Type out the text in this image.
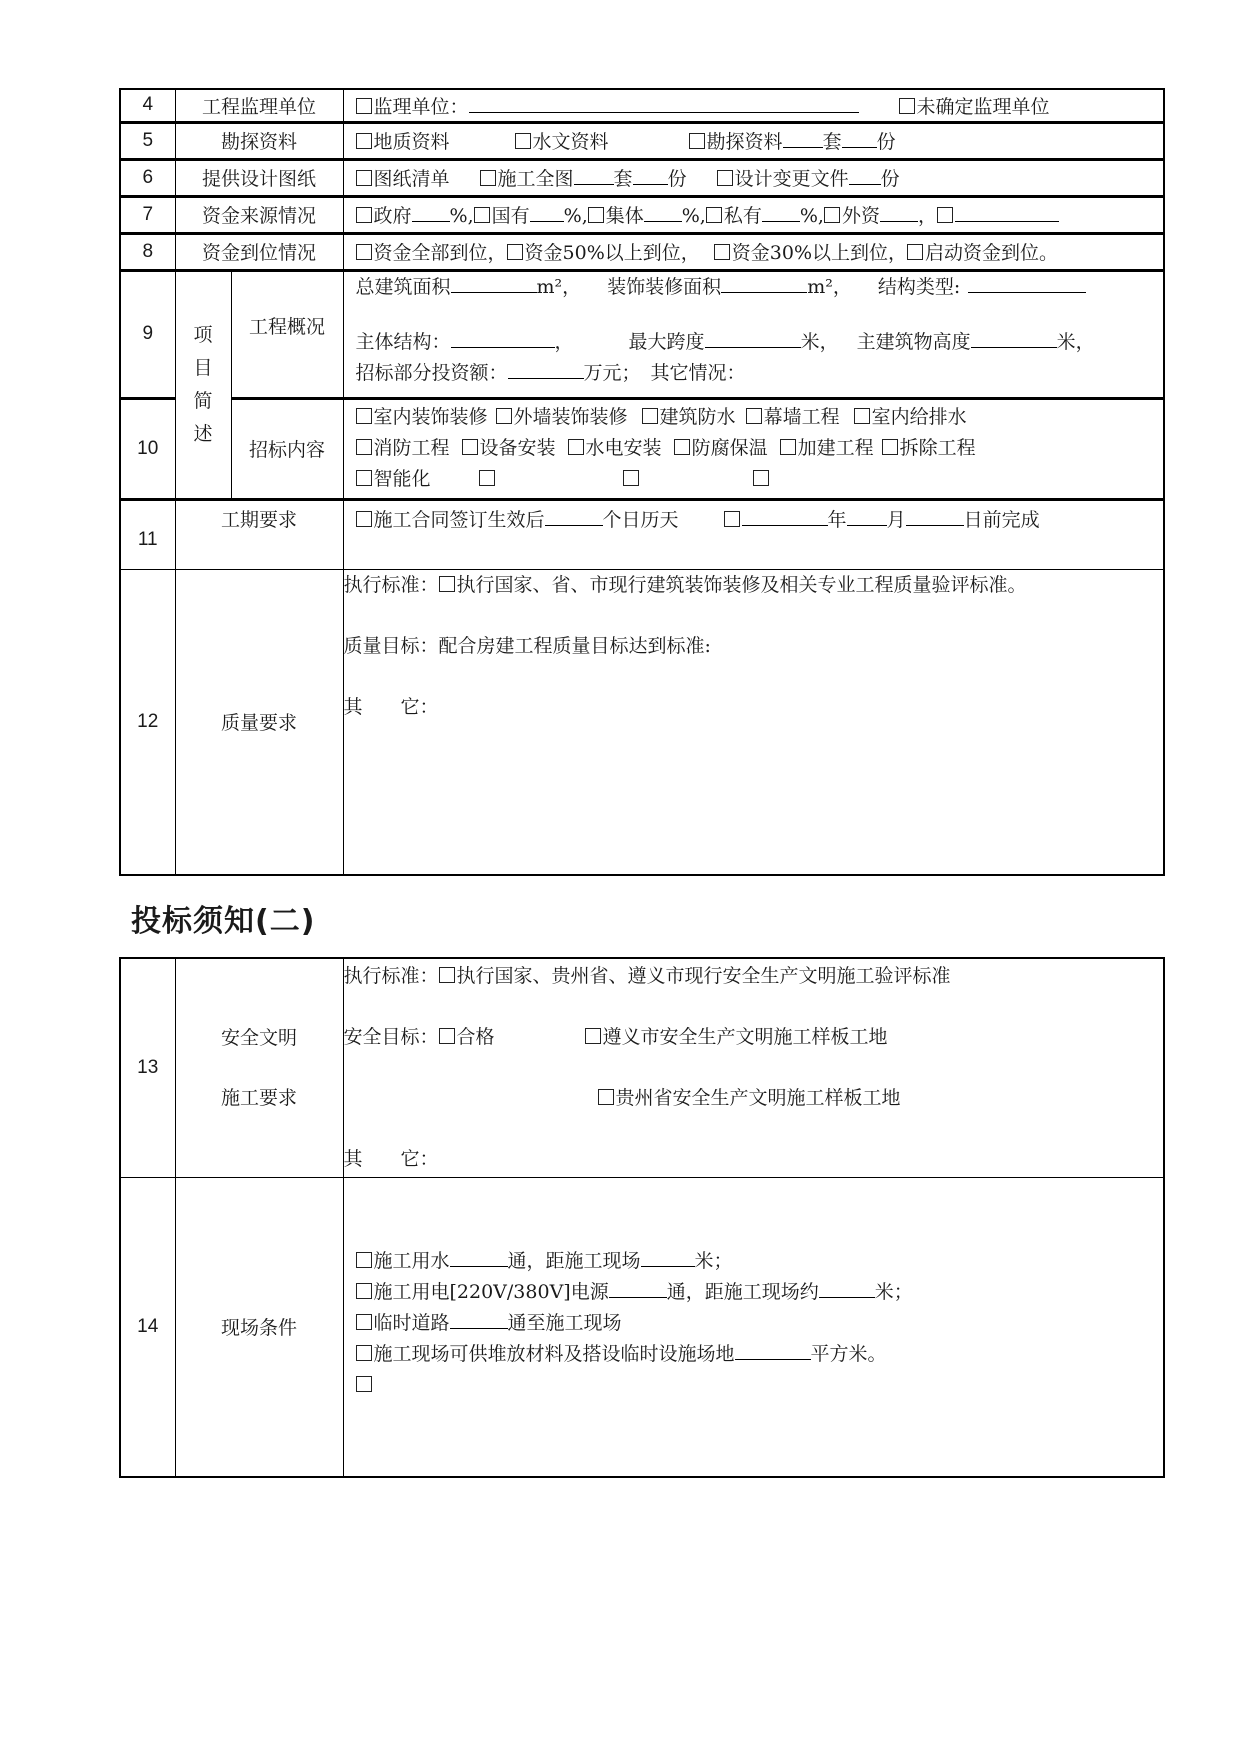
4	工程监理单位		监理单位： 未确定监理单位
5	勘探资料		地质资料 水文资料 勘探资料 套 份
6	提供设计图纸		图纸清单 施工全图 套 份 设计变更文件 份
7	资金来源情况		政府 %, 国有 %, 集体 %, 私有 %, 外资 ，
8	资金到位情况		资金全部到位， 资金50%以上到位， 资金30%以上到位， 启动资金到位。
9	项
目
简
述	工程概况	总建筑面积 m²， 装饰装修面积 m²， 结构类型:
主体结构： ， 最大跨度 米， 主建筑物高度 米，
招标部分投资额： 万元； 其它情况：

10		招标内容	室内装饰装修 外墙装饰装修 建筑防水 幕墙工程 室内给排水
消防工程 设备安装 水电安装 防腐保温 加建工程 拆除工程
智能化

11	工期要求		施工合同签订生效后 个日历天 年 月 日前完成
12	质量要求		执行标准： 执行国家、省、市现行建筑装饰装修及相关专业工程质量验评标准。
质量目标：配合房建工程质量目标达到标准:
其　　它：
投标须知(二)
13	安全文明
施工要求	执行标准： 执行国家、贵州省、遵义市现行安全生产文明施工验评标准
安全目标： 合格 遵义市安全生产文明施工样板工地
贵州省安全生产文明施工样板工地
其　　它：

14	现场条件	施工用水 通，距施工现场 米；
施工用电[220V/380V]电源 通，距施工现场约 米；
临时道路 通至施工现场
施工现场可供堆放材料及搭设临时设施场地 平方米。
